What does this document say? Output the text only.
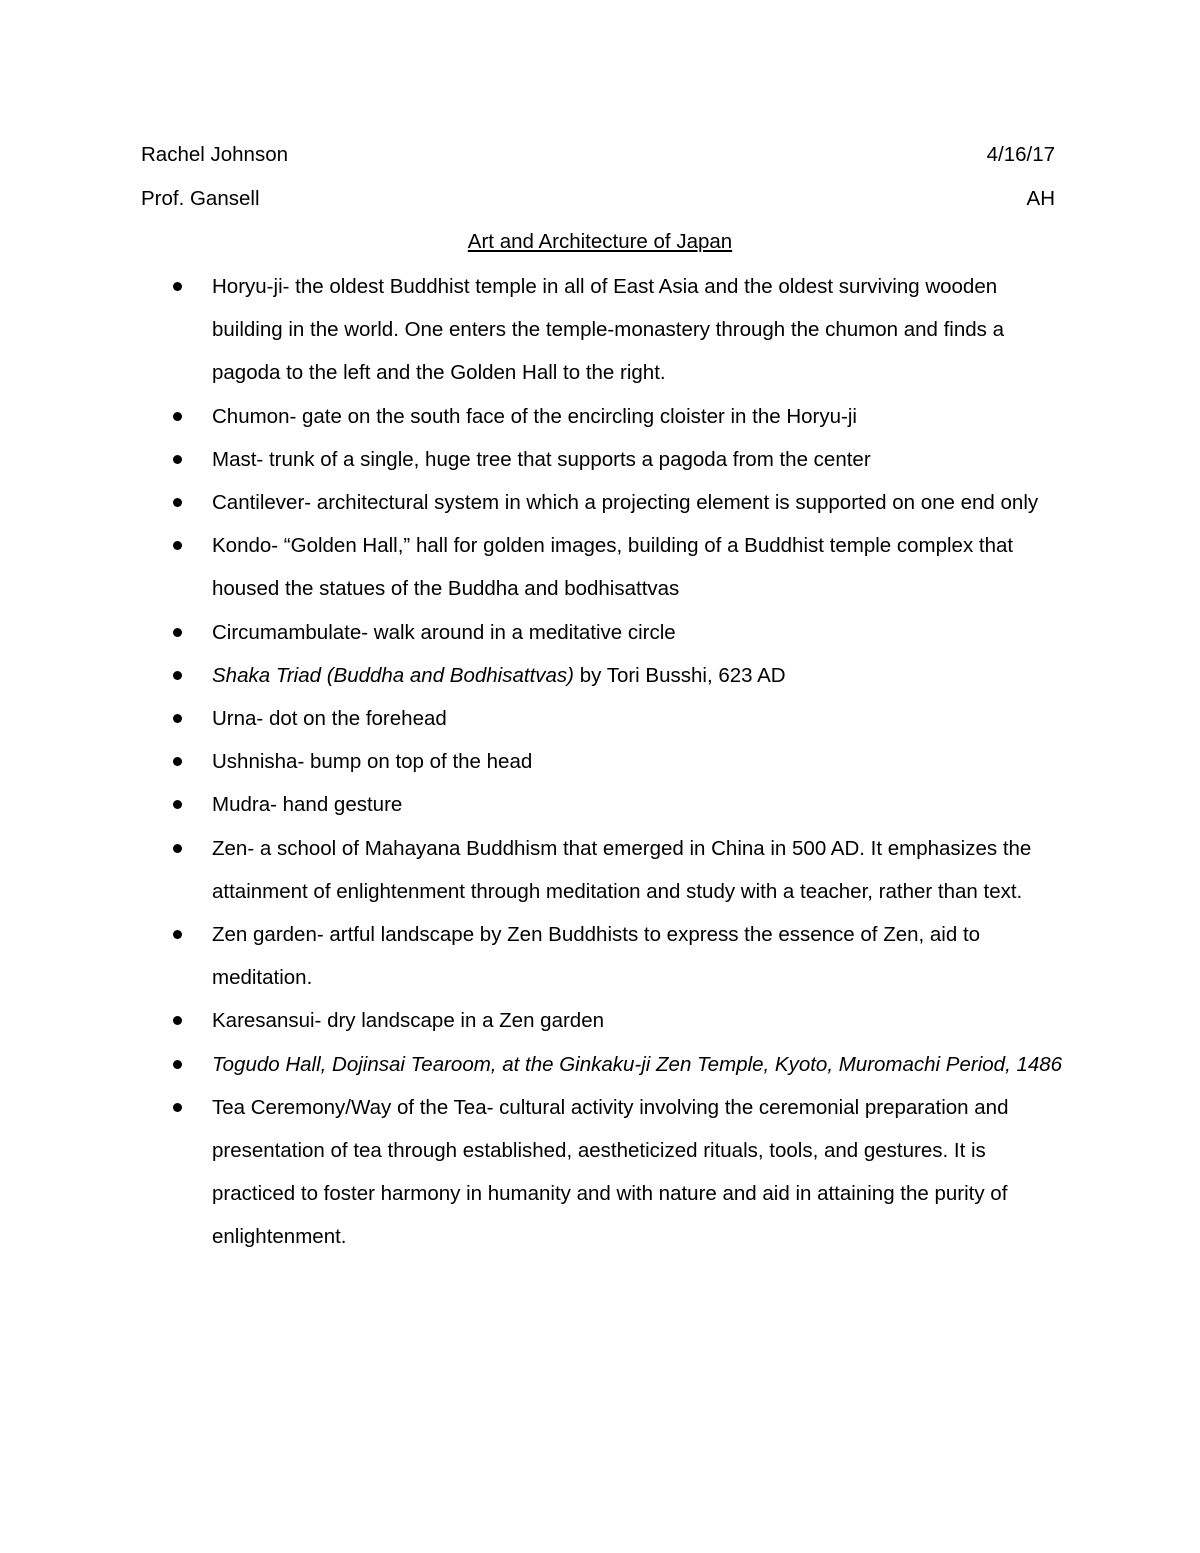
Rachel Johnson	4/16/17
Prof. Gansell	AH
Art and Architecture of Japan
Horyu-ji- the oldest Buddhist temple in all of East Asia and the oldest surviving wooden building in the world. One enters the temple-monastery through the chumon and finds a pagoda to the left and the Golden Hall to the right.
Chumon- gate on the south face of the encircling cloister in the Horyu-ji
Mast- trunk of a single, huge tree that supports a pagoda from the center
Cantilever- architectural system in which a projecting element is supported on one end only
Kondo- “Golden Hall,” hall for golden images, building of a Buddhist temple complex that housed the statues of the Buddha and bodhisattvas
Circumambulate- walk around in a meditative circle
Shaka Triad (Buddha and Bodhisattvas) by Tori Busshi, 623 AD
Urna- dot on the forehead
Ushnisha- bump on top of the head
Mudra- hand gesture
Zen- a school of Mahayana Buddhism that emerged in China in 500 AD. It emphasizes the attainment of enlightenment through meditation and study with a teacher, rather than text.
Zen garden- artful landscape by Zen Buddhists to express the essence of Zen, aid to meditation.
Karesansui- dry landscape in a Zen garden
Togudo Hall, Dojinsai Tearoom, at the Ginkaku-ji Zen Temple, Kyoto, Muromachi Period, 1486
Tea Ceremony/Way of the Tea- cultural activity involving the ceremonial preparation and presentation of tea through established, aestheticized rituals, tools, and gestures. It is practiced to foster harmony in humanity and with nature and aid in attaining the purity of enlightenment.
